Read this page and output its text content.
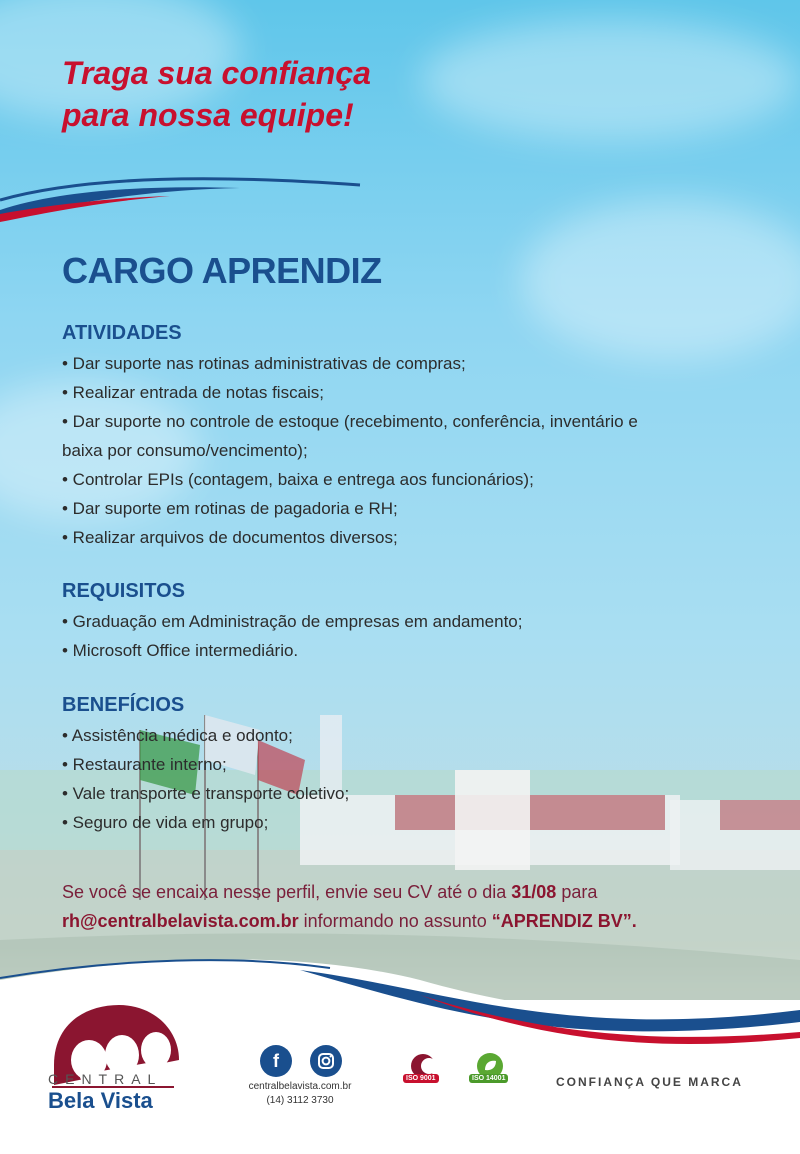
Traga sua confiança
para nossa equipe!
CARGO APRENDIZ
ATIVIDADES

• Dar suporte nas rotinas administrativas de compras;

• Realizar entrada de notas fiscais;

• Dar suporte no controle de estoque (recebimento, conferência, inventário e

baixa por consumo/vencimento);

• Controlar EPIs (contagem, baixa e entrega aos funcionários);

• Dar suporte em rotinas de pagadoria e RH;

• Realizar arquivos de documentos diversos;

REQUISITOS

• Graduação em Administração de empresas em andamento;

• Microsoft Office intermediário.

BENEFÍCIOS

• Assistência médica e odonto;

• Restaurante interno;

• Vale transporte e transporte coletivo;

• Seguro de vida em grupo;

Se você se encaixa nesse perfil, envie seu CV até o dia 31/08 para
rh@centralbelavista.com.br informando no assunto “APRENDIZ BV”.
CENTRAL
Bela Vista
f
centralbelavista.com.br
(14) 3112 3730
ISO 9001	ISO 14001	CONFIANÇA QUE MARCA
